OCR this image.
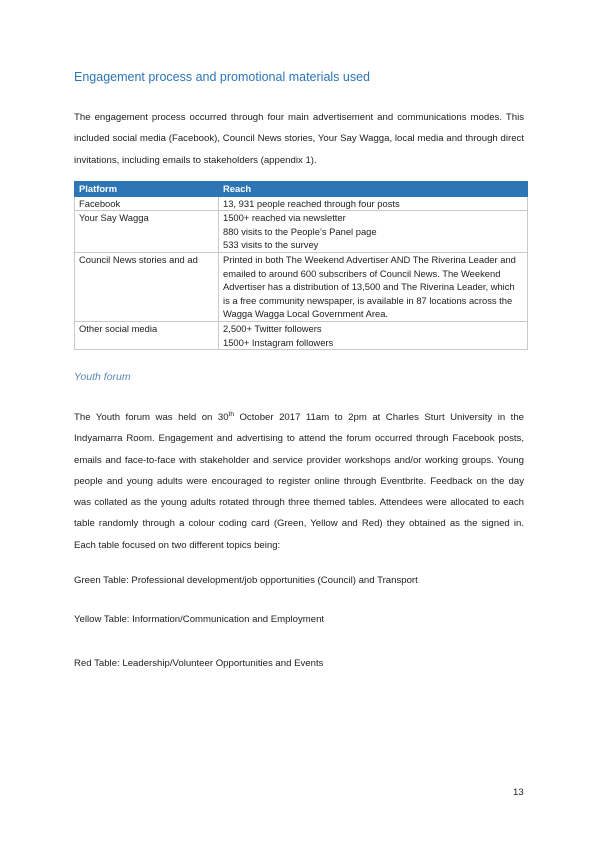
Engagement process and promotional materials used

The engagement process occurred through four main advertisement and communications modes. This included social media (Facebook), Council News stories, Your Say Wagga, local media and through direct invitations, including emails to stakeholders (appendix 1).

Platform	Reach
Facebook	13, 931 people reached through four posts

Your Say Wagga	1500+ reached via newsletter
880 visits to the People’s Panel page
533 visits to the survey

Council News stories and ad	Printed in both The Weekend Advertiser AND The Riverina Leader and emailed to around 600 subscribers of Council News. The Weekend Advertiser has a distribution of 13,500 and The Riverina Leader, which is a free community newspaper, is available in 87 locations across the Wagga Wagga Local Government Area.

Other social media	2,500+ Twitter followers
1500+ Instagram followers
Youth forum

The Youth forum was held on 30th October 2017 11am to 2pm at Charles Sturt University in the Indyamarra Room. Engagement and advertising to attend the forum occurred through Facebook posts, emails and face-to-face with stakeholder and service provider workshops and/or working groups. Young people and young adults were encouraged to register online through Eventbrite. Feedback on the day was collated as the young adults rotated through three themed tables. Attendees were allocated to each table randomly through a colour coding card (Green, Yellow and Red) they obtained as the signed in. Each table focused on two different topics being:

Green Table: Professional development/job opportunities (Council) and Transport
Yellow Table: Information/Communication and Employment
Red Table: Leadership/Volunteer Opportunities and Events
13
